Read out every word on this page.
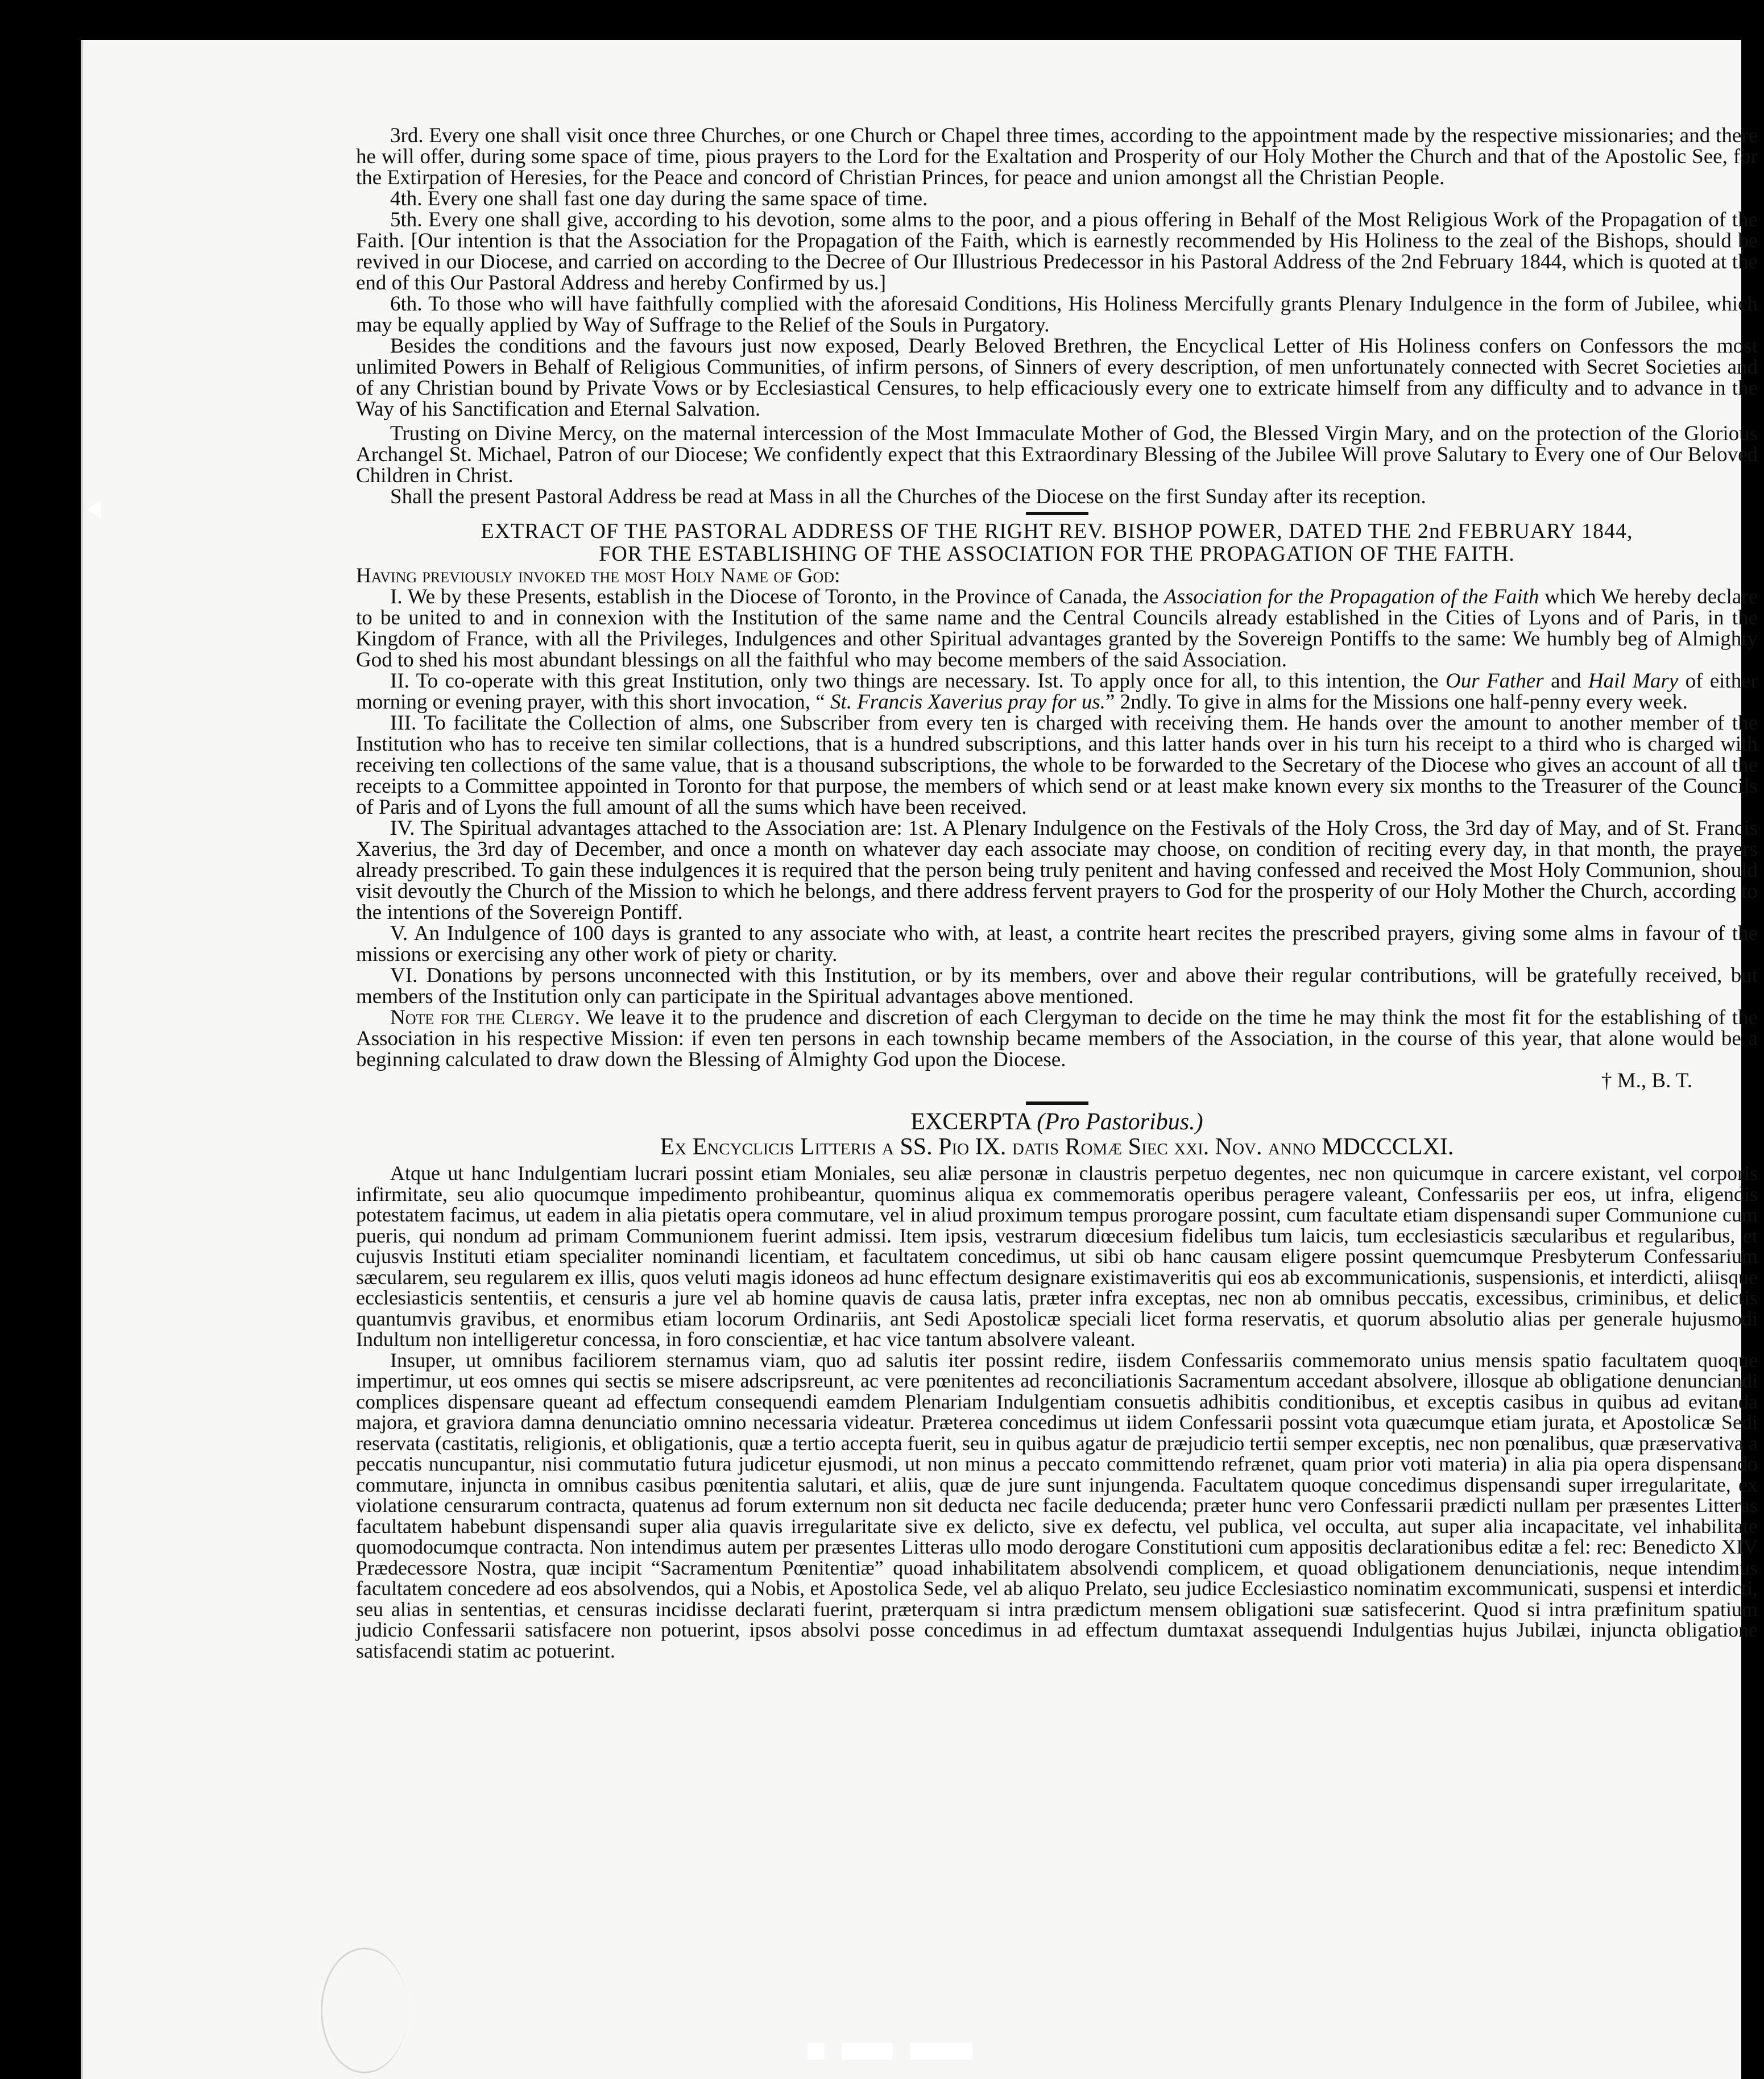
3rd. Every one shall visit once three Churches, or one Church or Chapel three times, according to the appointment made by the respective missionaries; and there he will offer, during some space of time, pious prayers to the Lord for the Exaltation and Prosperity of our Holy Mother the Church and that of the Apostolic See, for the Extirpation of Heresies, for the Peace and concord of Christian Princes, for peace and union amongst all the Christian People.

4th. Every one shall fast one day during the same space of time.

5th. Every one shall give, according to his devotion, some alms to the poor, and a pious offering in Behalf of the Most Religious Work of the Propagation of the Faith. [Our intention is that the Association for the Propagation of the Faith, which is earnestly recommended by His Holiness to the zeal of the Bishops, should be revived in our Diocese, and carried on according to the Decree of Our Illustrious Predecessor in his Pastoral Address of the 2nd February 1844, which is quoted at the end of this Our Pastoral Address and hereby Confirmed by us.]

6th. To those who will have faithfully complied with the aforesaid Conditions, His Holiness Mercifully grants Plenary Indulgence in the form of Jubilee, which may be equally applied by Way of Suffrage to the Relief of the Souls in Purgatory.

Besides the conditions and the favours just now exposed, Dearly Beloved Brethren, the Encyclical Letter of His Holiness confers on Confessors the most unlimited Powers in Behalf of Religious Communities, of infirm persons, of Sinners of every description, of men unfortunately connected with Secret Societies and of any Christian bound by Private Vows or by Ecclesiastical Censures, to help efficaciously every one to extricate himself from any difficulty and to advance in the Way of his Sanctification and Eternal Salvation.

Trusting on Divine Mercy, on the maternal intercession of the Most Immaculate Mother of God, the Blessed Virgin Mary, and on the protection of the Glorious Archangel St. Michael, Patron of our Diocese; We confidently expect that this Extraordinary Blessing of the Jubilee Will prove Salutary to Every one of Our Beloved Children in Christ.

Shall the present Pastoral Address be read at Mass in all the Churches of the Diocese on the first Sunday after its reception.

EXTRACT OF THE PASTORAL ADDRESS OF THE RIGHT REV. BISHOP POWER, DATED THE 2nd FEBRUARY 1844,

FOR THE ESTABLISHING OF THE ASSOCIATION FOR THE PROPAGATION OF THE FAITH.

Having previously invoked the most Holy Name of God:

I. We by these Presents, establish in the Diocese of Toronto, in the Province of Canada, the Association for the Propagation of the Faith which We hereby declare to be united to and in connexion with the Institution of the same name and the Central Councils already established in the Cities of Lyons and of Paris, in the Kingdom of France, with all the Privileges, Indulgences and other Spiritual advantages granted by the Sovereign Pontiffs to the same: We humbly beg of Almighty God to shed his most abundant blessings on all the faithful who may become members of the said Association.

II. To co-operate with this great Institution, only two things are necessary. Ist. To apply once for all, to this intention, the Our Father and Hail Mary of either morning or evening prayer, with this short invocation, “ St. Francis Xaverius pray for us.” 2ndly. To give in alms for the Missions one half-penny every week.

III. To facilitate the Collection of alms, one Subscriber from every ten is charged with receiving them. He hands over the amount to another member of the Institution who has to receive ten similar collections, that is a hundred subscriptions, and this latter hands over in his turn his receipt to a third who is charged with receiving ten collections of the same value, that is a thousand subscriptions, the whole to be forwarded to the Secretary of the Diocese who gives an account of all the receipts to a Committee appointed in Toronto for that purpose, the members of which send or at least make known every six months to the Treasurer of the Councils of Paris and of Lyons the full amount of all the sums which have been received.

IV. The Spiritual advantages attached to the Association are: 1st. A Plenary Indulgence on the Festivals of the Holy Cross, the 3rd day of May, and of St. Francis Xaverius, the 3rd day of December, and once a month on whatever day each associate may choose, on condition of reciting every day, in that month, the prayers already prescribed. To gain these indulgences it is required that the person being truly penitent and having confessed and received the Most Holy Communion, should visit devoutly the Church of the Mission to which he belongs, and there address fervent prayers to God for the prosperity of our Holy Mother the Church, according to the intentions of the Sovereign Pontiff.

V. An Indulgence of 100 days is granted to any associate who with, at least, a contrite heart recites the prescribed prayers, giving some alms in favour of the missions or exercising any other work of piety or charity.

VI. Donations by persons unconnected with this Institution, or by its members, over and above their regular contributions, will be gratefully received, but members of the Institution only can participate in the Spiritual advantages above mentioned.

Note for the Clergy. We leave it to the prudence and discretion of each Clergyman to decide on the time he may think the most fit for the establishing of the Association in his respective Mission: if even ten persons in each township became members of the Association, in the course of this year, that alone would be a beginning calculated to draw down the Blessing of Almighty God upon the Diocese.

† M., B. T.

EXCERPTA (Pro Pastoribus.)

Ex Encyclicis Litteris a SS. Pio IX. datis Romæ Siec xxi. Nov. anno MDCCCLXI.

Atque ut hanc Indulgentiam lucrari possint etiam Moniales, seu aliæ personæ in claustris perpetuo degentes, nec non quicumque in carcere existant, vel corporis infirmitate, seu alio quocumque impedimento prohibeantur, quominus aliqua ex commemoratis operibus peragere valeant, Confessariis per eos, ut infra, eligendis potestatem facimus, ut eadem in alia pietatis opera commutare, vel in aliud proximum tempus prorogare possint, cum facultate etiam dispensandi super Communione cum pueris, qui nondum ad primam Communionem fuerint admissi. Item ipsis, vestrarum diœcesium fidelibus tum laicis, tum ecclesiasticis sæcularibus et regularibus, et cujusvis Instituti etiam specialiter nominandi licentiam, et facultatem concedimus, ut sibi ob hanc causam eligere possint quemcumque Presbyterum Confessarium sæcularem, seu regularem ex illis, quos veluti magis idoneos ad hunc effectum designare existimaveritis qui eos ab excommunicationis, suspensionis, et interdicti, aliisque ecclesiasticis sententiis, et censuris a jure vel ab homine quavis de causa latis, præter infra exceptas, nec non ab omnibus peccatis, excessibus, criminibus, et delictis quantumvis gravibus, et enormibus etiam locorum Ordinariis, ant Sedi Apostolicæ speciali licet forma reservatis, et quorum absolutio alias per generale hujusmodi Indultum non intelligeretur concessa, in foro conscientiæ, et hac vice tantum absolvere valeant.

Insuper, ut omnibus faciliorem sternamus viam, quo ad salutis iter possint redire, iisdem Confessariis commemorato unius mensis spatio facultatem quoque impertimur, ut eos omnes qui sectis se misere adscripsreunt, ac vere pœnitentes ad reconciliationis Sacramentum accedant absolvere, illosque ab obligatione denunciandi complices dispensare queant ad effectum consequendi eamdem Plenariam Indulgentiam consuetis adhibitis conditionibus, et exceptis casibus in quibus ad evitanda majora, et graviora damna denunciatio omnino necessaria videatur. Præterea concedimus ut iidem Confessarii possint vota quæcumque etiam jurata, et Apostolicæ Sedi reservata (castitatis, religionis, et obligationis, quæ a tertio accepta fuerit, seu in quibus agatur de præjudicio tertii semper exceptis, nec non pœnalibus, quæ præservativa a peccatis nuncupantur, nisi commutatio futura judicetur ejusmodi, ut non minus a peccato committendo refrænet, quam prior voti materia) in alia pia opera dispensando commutare, injuncta in omnibus casibus pœnitentia salutari, et aliis, quæ de jure sunt injungenda. Facultatem quoque concedimus dispensandi super irregularitate, ex violatione censurarum contracta, quatenus ad forum externum non sit deducta nec facile deducenda; præter hunc vero Confessarii prædicti nullam per præsentes Litteras facultatem habebunt dispensandi super alia quavis irregularitate sive ex delicto, sive ex defectu, vel publica, vel occulta, aut super alia incapacitate, vel inhabilitate quomodocumque contracta. Non intendimus autem per præsentes Litteras ullo modo derogare Constitutioni cum appositis declarationibus editæ a fel: rec: Benedicto XIV Prædecessore Nostra, quæ incipit “Sacramentum Pœnitentiæ” quoad inhabilitatem absolvendi complicem, et quoad obligationem denunciationis, neque intendimus facultatem concedere ad eos absolvendos, qui a Nobis, et Apostolica Sede, vel ab aliquo Prelato, seu judice Ecclesiastico nominatim excommunicati, suspensi et interdicti, seu alias in sententias, et censuras incidisse declarati fuerint, præterquam si intra prædictum mensem obligationi suæ satisfecerint. Quod si intra præfinitum spatium judicio Confessarii satisfacere non potuerint, ipsos absolvi posse concedimus in ad effectum dumtaxat assequendi Indulgentias hujus Jubilæi, injuncta obligatione satisfacendi statim ac potuerint.
